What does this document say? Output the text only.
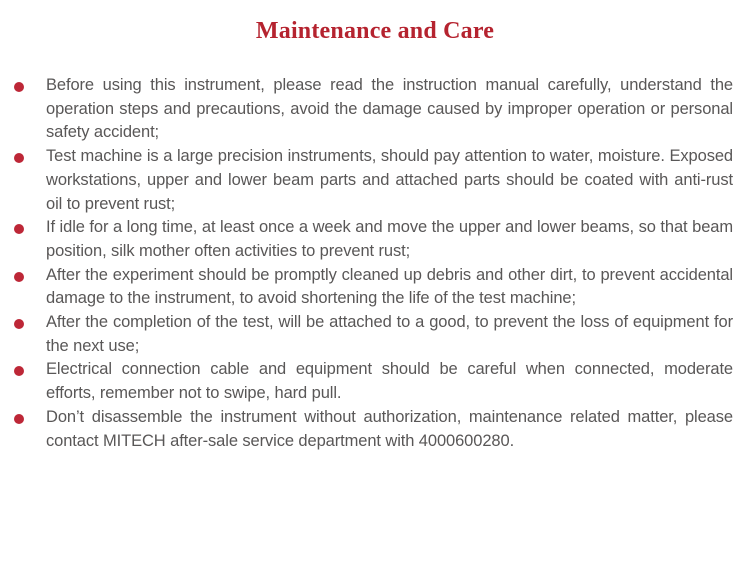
Maintenance and Care

Before using this instrument, please read the instruction manual carefully, understand the operation steps and precautions, avoid the damage caused by improper operation or personal safety accident;

Test machine is a large precision instruments, should pay attention to water, moisture. Exposed workstations, upper and lower beam parts and attached parts should be coated with anti-rust oil to prevent rust;

If idle for a long time, at least once a week and move the upper and lower beams, so that beam position, silk mother often activities to prevent rust;

After the experiment should be promptly cleaned up debris and other dirt, to prevent accidental damage to the instrument, to avoid shortening the life of the test machine;

After the completion of the test, will be attached to a good, to prevent the loss of equipment for the next use;

Electrical connection cable and equipment should be careful when connected, moderate efforts, remember not to swipe, hard pull.

Don’t disassemble the instrument without authorization, maintenance related matter, please contact MITECH after-sale service department with 4000600280.
